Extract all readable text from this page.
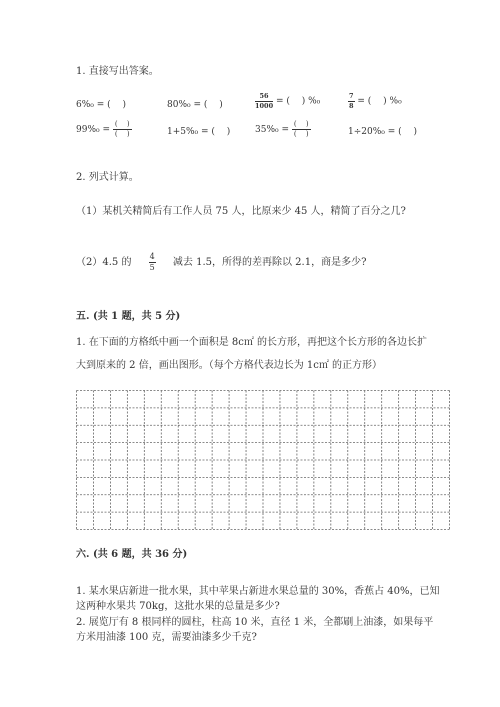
1. 直接写出答案。
6%₀ = (　 )	80%₀ = (　 )	$\frac{56}{1000}$ = (　 ) %₀	$\frac{7}{8}$ = (　 ) %₀
$99\%_0 = \frac{( )}{( )}$	1+5%₀ = (　 )	$35\%_0 = \frac{( )}{( )}$	1÷20%₀ = (　 )
2. 列式计算。
（1）某机关精简后有工作人员 75 人，比原来少 45 人，精简了百分之几?
（2）4.5 的 $\frac{4}{5}$ 减去 1.5，所得的差再除以 2.1，商是多少?
五. (共 1 题，共 5 分)
1. 在下面的方格纸中画一个面积是 8c㎡ 的长方形，再把这个长方形的各边长扩
大到原来的 2 倍，画出图形。（每个方格代表边长为 1c㎡ 的正方形）
六. (共 6 题，共 36 分)
1. 某水果店新进一批水果，其中苹果占新进水果总量的 30%，香蕉占 40%，已知
这两种水果共 70kg，这批水果的总量是多少?
2. 展览厅有 8 根同样的圆柱，柱高 10 米，直径 1 米，全都刷上油漆，如果每平
方米用油漆 100 克，需要油漆多少千克?
